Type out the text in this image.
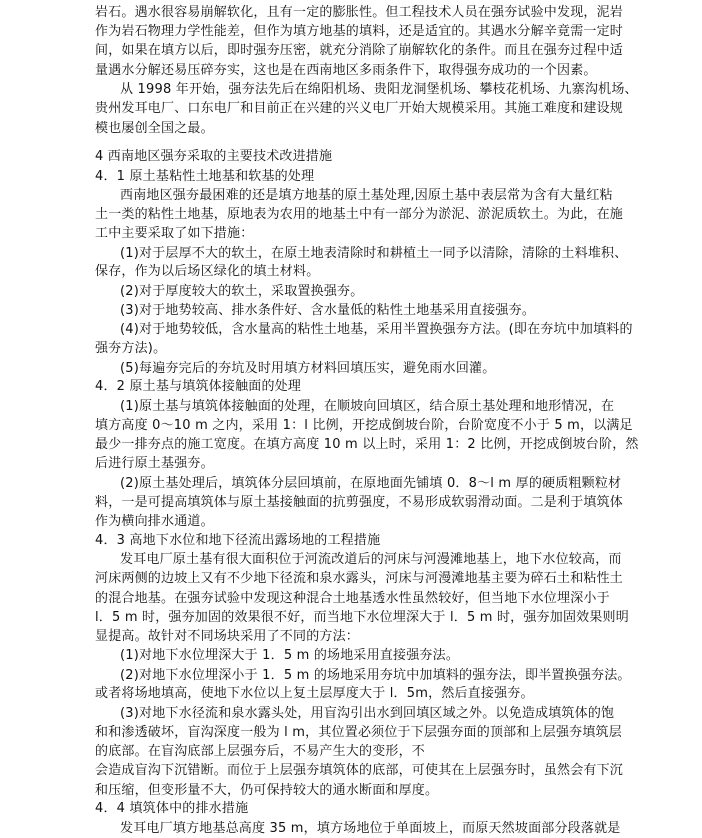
岩石。遇水很容易崩解软化，且有一定的膨胀性。但工程技术人员在强夯试验中发现，泥岩
作为岩石物理力学性能差，但作为填方地基的填料，还是适宜的。其遇水分解辛竟需一定时
间，如果在填方以后，即时强夯压密，就充分消除了崩解软化的条件。而且在强夯过程中适
量遇水分解还易压碎夯实，这也是在西南地区多雨条件下，取得强夯成功的一个因素。
从 1998 年开始，强夯法先后在绵阳机场、贵阳龙洞堡机场、攀枝花机场、九寨沟机场、
贵州发耳电厂、口东电厂和目前正在兴建的兴义电厂开始大规模采用。其施工难度和建设规
模也屡创全国之最。
4 西南地区强夯采取的主要技术改进措施
4．1 原土基粘性土地基和软基的处理
西南地区强夯最困难的还是填方地基的原土基处理,因原土基中表层常为含有大量红粘
土一类的粘性土地基，原地表为农用的地基土中有一部分为淤泥、淤泥质软土。为此，在施
工中主要采取了如下措施：
(1)对于层厚不大的软土，在原土地表清除时和耕植土一同予以清除，清除的土料堆积、
保存，作为以后场区绿化的填土材料。
(2)对于厚度较大的软土，采取置换强夯。
(3)对于地势较高、排水条件好、含水量低的粘性土地基采用直接强夯。
(4)对于地势较低，含水量高的粘性土地基，采用半置换强夯方法。(即在夯坑中加填料的
强夯方法)。
(5)每遍夯完后的夯坑及时用填方材料回填压实，避免雨水回灌。
4．2 原土基与填筑体接触面的处理
(1)原土基与填筑体接触面的处理，在顺坡向回填区，结合原土基处理和地形情况，在
填方高度 0～10 m 之内，采用 1：l 比例，开挖成倒坡台阶，台阶宽度不小于 5 m，以满足
最少一排夯点的施工宽度。在填方高度 10 m 以上时，采用 1：2 比例，开挖成倒坡台阶，然
后进行原土基强夯。
(2)原土基处理后，填筑体分层回填前，在原地面先铺填 0．8～l m 厚的硬质粗颗粒材
料，一是可提高填筑体与原土基接触面的抗剪强度，不易形成软弱滑动面。二是利于填筑体
作为横向排水通道。
4．3 高地下水位和地下径流出露场地的工程措施
发耳电厂原土基有很大面积位于河流改道后的河床与河漫滩地基上，地下水位较高，而
河床两侧的边坡上又有不少地下径流和泉水露头，河床与河漫滩地基主要为碎石土和粘性土
的混合地基。在强夯试验中发现这种混合土地基透水性虽然较好，但当地下水位埋深小于
l．5 m 时，强夯加固的效果很不好，而当地下水位埋深大于 l．5 m 时，强夯加固效果则明
显提高。故针对不同场块采用了不同的方法：
(1)对地下水位埋深大于 1．5 m 的场地采用直接强夯法。
(2)对地下水位埋深小于 1．5 m 的场地采用夯坑中加填料的强夯法，即半置换强夯法。
或者将场地填高，使地下水位以上复土层厚度大于 l．5m，然后直接强夯。
(3)对地下水径流和泉水露头处，用盲沟引出水到回填区域之外。以免造成填筑体的饱
和和渗透破坏，盲沟深度一般为 l m，其位置必须位于下层强夯面的顶部和上层强夯填筑层
的底部。在盲沟底部上层强夯后，不易产生大的变形，不
会造成盲沟下沉错断。而位于上层强夯填筑体的底部，可使其在上层强夯时，虽然会有下沉
和压缩，但变形量不大，仍可保持较大的通水断面和厚度。
4．4 填筑体中的排水措施
发耳电厂填方地基总高度 35 m，填方场地位于单面坡上，而原天然坡面部分段落就是
